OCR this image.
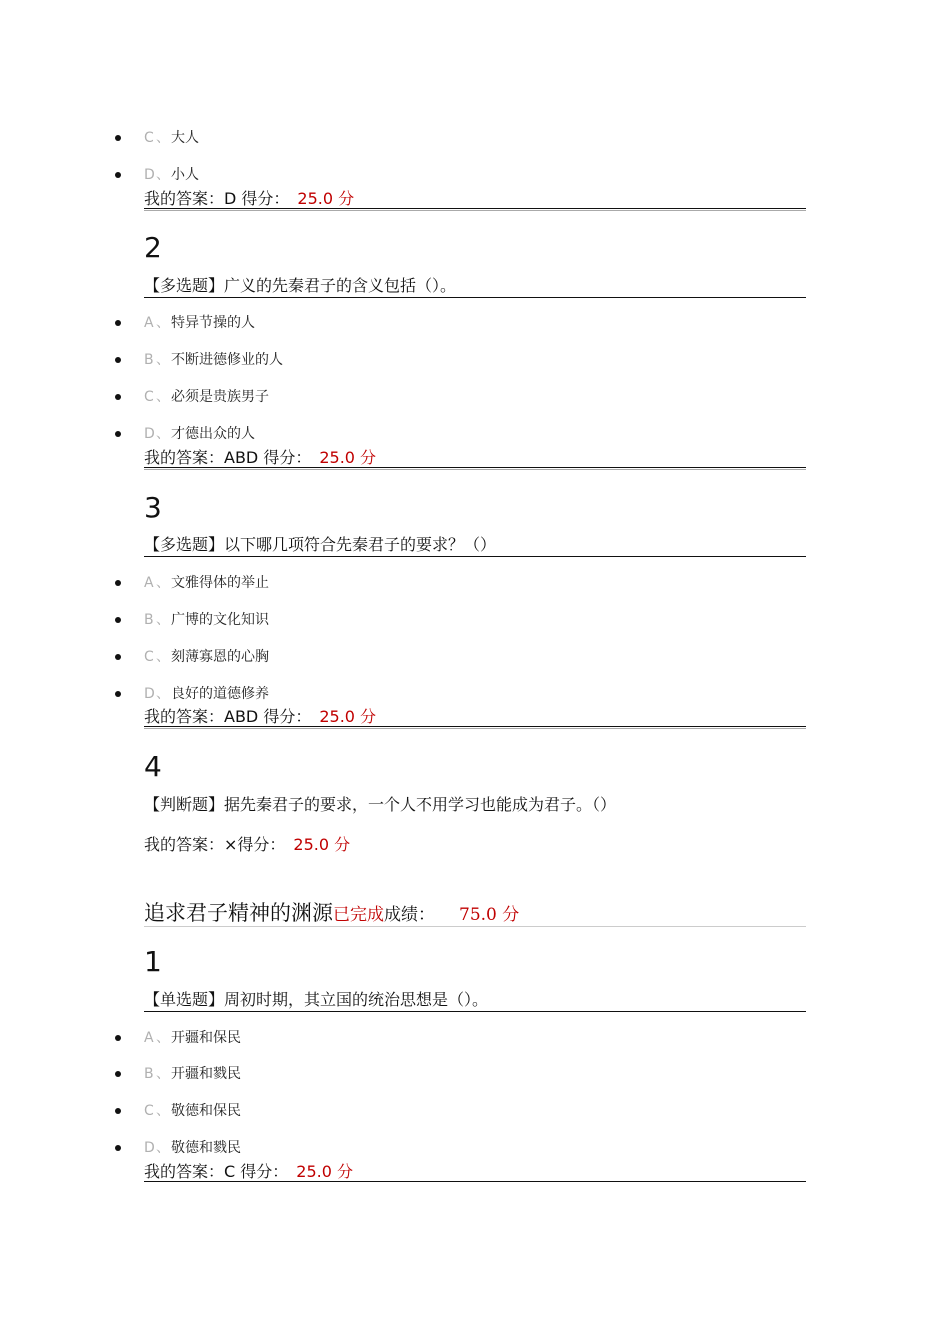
C 、 大人
D 、 小人
我的答案：D 得分： 25.0 分
2
【多选题】广义的先秦君子的含义包括（）。
A 、 特异节操的人
B 、 不断进德修业的人
C 、 必须是贵族男子
D 、 才德出众的人
我的答案：ABD 得分： 25.0 分
3
【多选题】以下哪几项符合先秦君子的要求？（）
A 、 文雅得体的举止
B 、 广博的文化知识
C 、 刻薄寡恩的心胸
D 、 良好的道德修养
我的答案：ABD 得分： 25.0 分
4
【判断题】据先秦君子的要求，一个人不用学习也能成为君子。（）
我的答案：×得分： 25.0 分
追求君子精神的渊源已完成成绩： 75.0 分
1
【单选题】周初时期，其立国的统治思想是（）。
A 、 开疆和保民
B 、 开疆和戮民
C 、 敬德和保民
D 、 敬德和戮民
我的答案：C 得分： 25.0 分
